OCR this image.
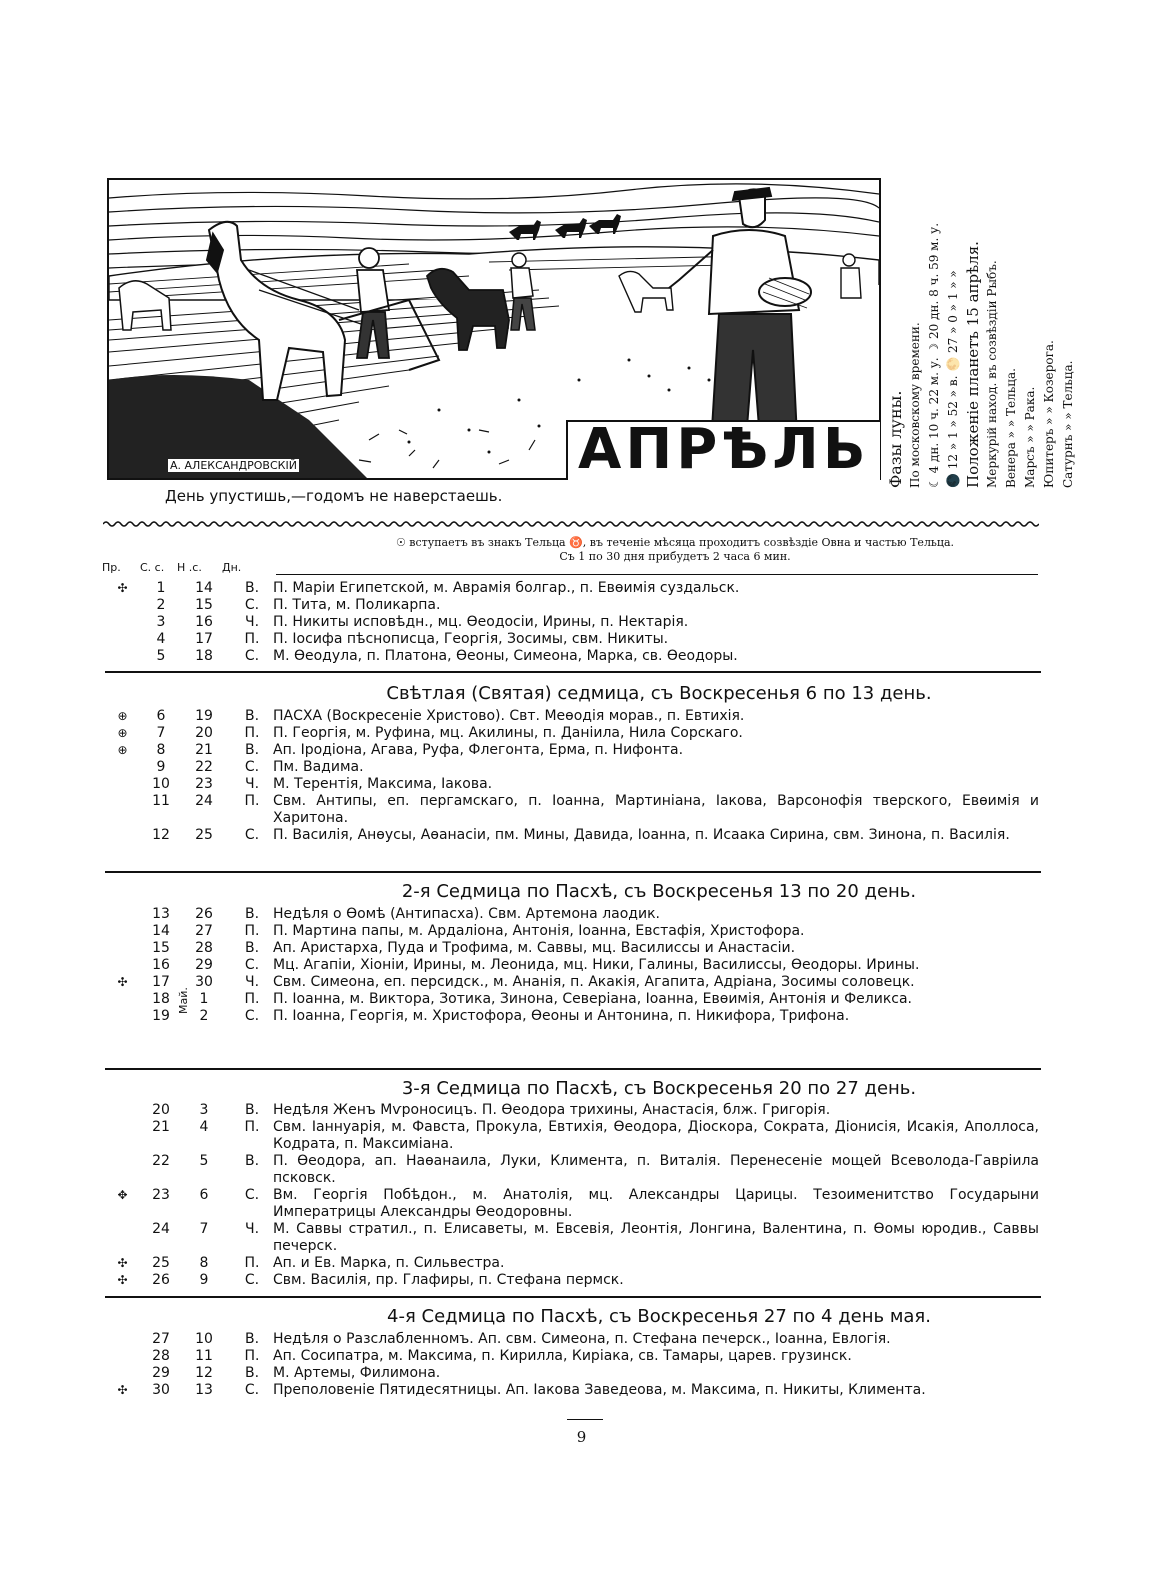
А. АЛЕКСАНДРОВСКІЙ	АПРѢЛЬ
День упустишь,—годомъ не наверстаешь.
Фазы луны. По московскому времени. ☾ 4 дн. 10 ч. 22 м. у. ☽ 20 дн. 8 ч. 59 м. у. 🌑 12 » 1 » 52 » в. 🌕 27 » 0 » 1 » » Положеніе планетъ 15 апрѣля. Меркурій наход. въ созвѣздіи Рыбъ. Венера » » Тельца. Марсъ » » Рака. Юпитеръ » » Козерога. Сатурнъ » » Тельца.
☉ вступаетъ въ знакъ Тельца ♉, въ теченіе мѣсяца проходитъ созвѣздіе Овна и частью Тельца.
Съ 1 по 30 дня прибудетъ 2 часа 6 мин.
Пр. С. с. Н .с. Дн.
✣	1	14	В.	П. Маріи Египетской, м. Аврамія болгар., п. Евѳимія суздальск.
	2	15	С.	П. Тита, м. Поликарпа.
	3	16	Ч.	П. Никиты исповѣдн., мц. Ѳеодосіи, Ирины, п. Нектарія.
	4	17	П.	П. Іосифа пѣснописца, Георгія, Зосимы, свм. Никиты.
	5	18	С.	М. Ѳеодула, п. Платона, Ѳеоны, Симеона, Марка, св. Ѳеодоры.
Свѣтлая (Святая) седмица, съ Воскресенья 6 по 13 день.
⊕	6	19	В.	ПАСХА (Воскресеніе Христово). Свт. Меѳодія морав., п. Евтихія.
⊕	7	20	П.	П. Георгія, м. Руфина, мц. Акилины, п. Даніила, Нила Сорскаго.
⊕	8	21	В.	Ап. Іродіона, Агава, Руфа, Флегонта, Ерма, п. Нифонта.
	9	22	С.	Пм. Вадима.
	10	23	Ч.	М. Терентія, Максима, Іакова.
	11	24	П.	Свм. Антипы, еп. пергамскаго, п. Іоанна, Мартиніана, Іакова, Варсонофія тверского, Евѳимія и Харитона.
	12	25	С.	П. Василія, Анѳусы, Аѳанасіи, пм. Мины, Давида, Іоанна, п. Исаака Сирина, свм. Зинона, п. Василія.
2-я Седмица по Пасхѣ, съ Воскресенья 13 по 20 день.
	13	26	В.	Недѣля о Ѳомѣ (Антипасха). Свм. Артемона лаодик.
	14	27	П.	П. Мартина папы, м. Ардаліона, Антонія, Іоанна, Евстафія, Христофора.
	15	28	В.	Ап. Аристарха, Пуда и Трофима, м. Саввы, мц. Василиссы и Анастасіи.
	16	29	С.	Мц. Агапіи, Хіоніи, Ирины, м. Леонида, мц. Ники, Галины, Василиссы, Ѳеодоры. Ирины.
✣	17	30	Ч.	Свм. Симеона, еп. персидск., м. Ананія, п. Акакія, Агапита, Адріана, Зосимы соловецк.
	18	1	П.	П. Іоанна, м. Виктора, Зотика, Зинона, Северіана, Іоанна, Евѳимія, Антонія и Феликса.
	19	2	С.	П. Іоанна, Георгія, м. Христофора, Ѳеоны и Антонина, п. Никифора, Трифона.
Май.
3-я Седмица по Пасхѣ, съ Воскресенья 20 по 27 день.
	20	3	В.	Недѣля Женъ Мѵроносицъ. П. Ѳеодора трихины, Анастасія, блж. Григорія.
	21	4	П.	Свм. Іаннуарія, м. Фавста, Прокула, Евтихія, Ѳеодора, Діоскора, Сократа, Діонисія, Исакія, Аполлоса, Кодрата, п. Максиміана.
	22	5	В.	П. Ѳеодора, ап. Наѳанаила, Луки, Климента, п. Виталія. Перенесеніе мощей Всеволода-Гавріила псковск.
✥	23	6	С.	Вм. Георгія Побѣдон., м. Анатолія, мц. Александры Царицы. Тезоименитство Государыни Императрицы Александры Ѳеодоровны.
	24	7	Ч.	М. Саввы стратил., п. Елисаветы, м. Евсевія, Леонтія, Лонгина, Валентина, п. Ѳомы юродив., Саввы печерск.
✣	25	8	П.	Ап. и Ев. Марка, п. Сильвестра.
✣	26	9	С.	Свм. Василія, пр. Глафиры, п. Стефана пермск.
4-я Седмица по Пасхѣ, съ Воскресенья 27 по 4 день мая.
	27	10	В.	Недѣля о Разслабленномъ. Ап. свм. Симеона, п. Стефана печерск., Іоанна, Евлогія.
	28	11	П.	Ап. Сосипатра, м. Максима, п. Кирилла, Киріака, св. Тамары, царев. грузинск.
	29	12	В.	М. Артемы, Филимона.
✣	30	13	С.	Преполовеніе Пятидесятницы. Ап. Іакова Заведеова, м. Максима, п. Никиты, Климента.
9
